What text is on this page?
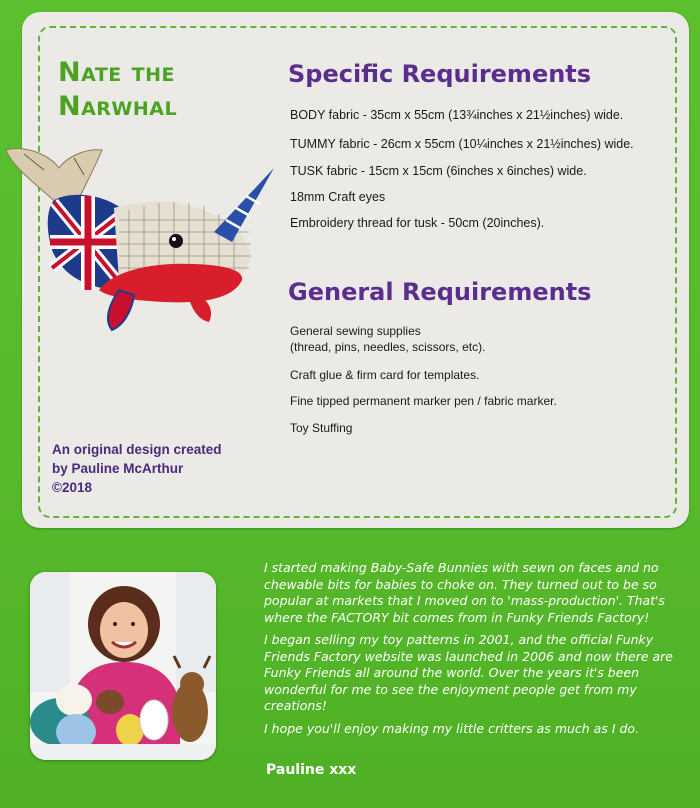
Nate the
Narwhal
An original design created
by Pauline McArthur
©2018
Specific Requirements
BODY fabric - 35cm x 55cm (13¾inches x 21½inches) wide.
TUMMY fabric - 26cm x 55cm (10¼inches x 21½inches) wide.
TUSK fabric - 15cm x 15cm (6inches x 6inches) wide.
18mm Craft eyes
Embroidery thread for tusk - 50cm (20inches).
General Requirements
General sewing supplies
(thread, pins, needles, scissors, etc).
Craft glue & firm card for templates.
Fine tipped permanent marker pen / fabric marker.
Toy Stuffing

I started making Baby-Safe Bunnies with sewn on faces and no chewable bits for babies to choke on. They turned out to be so popular at markets that I moved on to 'mass-production'. That's where the FACTORY bit comes from in Funky Friends Factory!

I began selling my toy patterns in 2001, and the official Funky Friends Factory website was launched in 2006 and now there are Funky Friends all around the world. Over the years it's been wonderful for me to see the enjoyment people get from my creations!

I hope you'll enjoy making my little critters as much as I do.

Pauline xxx
